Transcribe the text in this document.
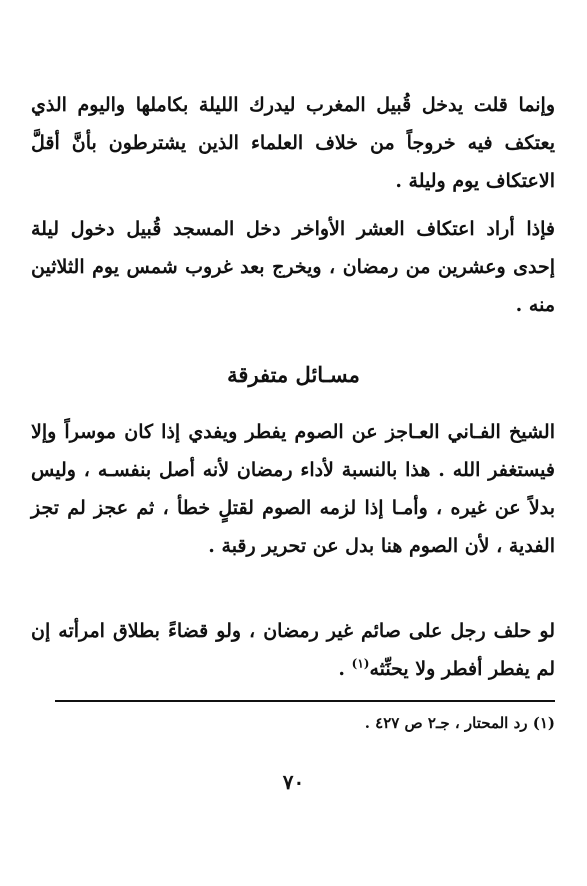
وإنما قلت يدخل قُبيل المغرب ليدرك الليلة بكاملها واليوم الذي يعتكف فيه خروجاً من خلاف العلماء الذين يشترطون بأنَّ أقلَّ الاعتكاف يوم وليلة .

فإذا أراد اعتكاف العشر الأواخر دخل المسجد قُبيل دخول ليلة إحدى وعشرين من رمضان ، ويخرج بعد غروب شمس يوم الثلاثين منه .

مسـائل متفرقة

الشيخ الفـاني العـاجز عن الصوم يفطر ويفدي إذا كان موسراً وإلا فيستغفر الله . هذا بالنسبة لأداء رمضان لأنه أصل بنفسـه ، وليس بدلاً عن غيره ، وأمـا إذا لزمه الصوم لقتلٍ خطأ ، ثم عجز لم تجز الفدية ، لأن الصوم هنا بدل عن تحرير رقبة .

لو حلف رجل على صائم غير رمضان ، ولو قضاءً بطلاق امرأته إن لم يفطر أفطر ولا يحنِّثه$^{(١)}$ .

(١) رد المحتار ، جـ٢ ص ٤٢٧ .

٧٠
